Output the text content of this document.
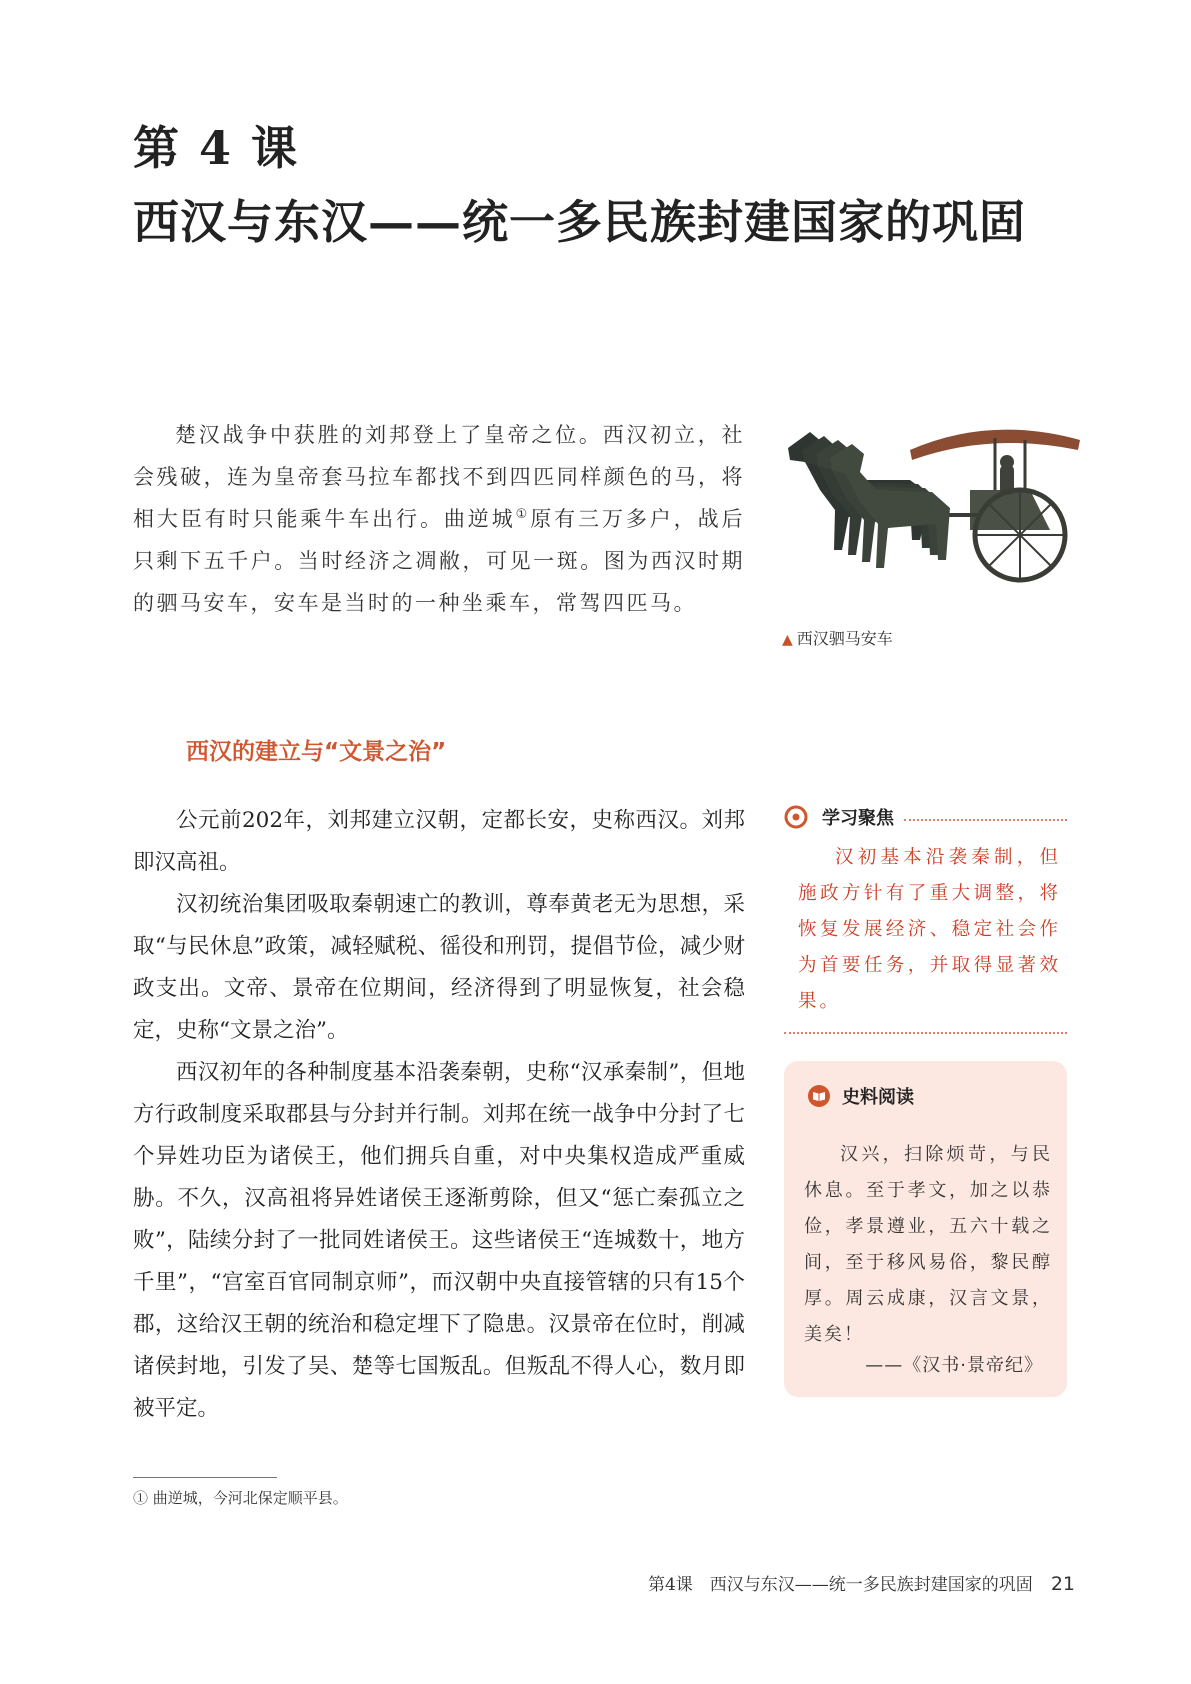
第 4 课
西汉与东汉——统一多民族封建国家的巩固

楚汉战争中获胜的刘邦登上了皇帝之位。西汉初立，社会残破，连为皇帝套马拉车都找不到四匹同样颜色的马，将相大臣有时只能乘牛车出行。曲逆城①原有三万多户，战后只剩下五千户。当时经济之凋敝，可见一斑。图为西汉时期的驷马安车，安车是当时的一种坐乘车，常驾四匹马。

▲ 西汉驷马安车
西汉的建立与“文景之治”

公元前202年，刘邦建立汉朝，定都长安，史称西汉。刘邦即汉高祖。

汉初统治集团吸取秦朝速亡的教训，尊奉黄老无为思想，采取“与民休息”政策，减轻赋税、徭役和刑罚，提倡节俭，减少财政支出。文帝、景帝在位期间，经济得到了明显恢复，社会稳定，史称“文景之治”。

西汉初年的各种制度基本沿袭秦朝，史称“汉承秦制”，但地方行政制度采取郡县与分封并行制。刘邦在统一战争中分封了七个异姓功臣为诸侯王，他们拥兵自重，对中央集权造成严重威胁。不久，汉高祖将异姓诸侯王逐渐剪除，但又“惩亡秦孤立之败”，陆续分封了一批同姓诸侯王。这些诸侯王“连城数十，地方千里”，“宫室百官同制京师”，而汉朝中央直接管辖的只有15个郡，这给汉王朝的统治和稳定埋下了隐患。汉景帝在位时，削减诸侯封地，引发了吴、楚等七国叛乱。但叛乱不得人心，数月即被平定。

① 曲逆城，今河北保定顺平县。
学习聚焦
汉初基本沿袭秦制，但施政方针有了重大调整，将恢复发展经济、稳定社会作为首要任务，并取得显著效果。
史料阅读
汉兴，扫除烦苛，与民休息。至于孝文，加之以恭俭，孝景遵业，五六十载之间，至于移风易俗，黎民醇厚。周云成康，汉言文景，美矣！
——《汉书·景帝纪》
第4课　西汉与东汉——统一多民族封建国家的巩固 21
